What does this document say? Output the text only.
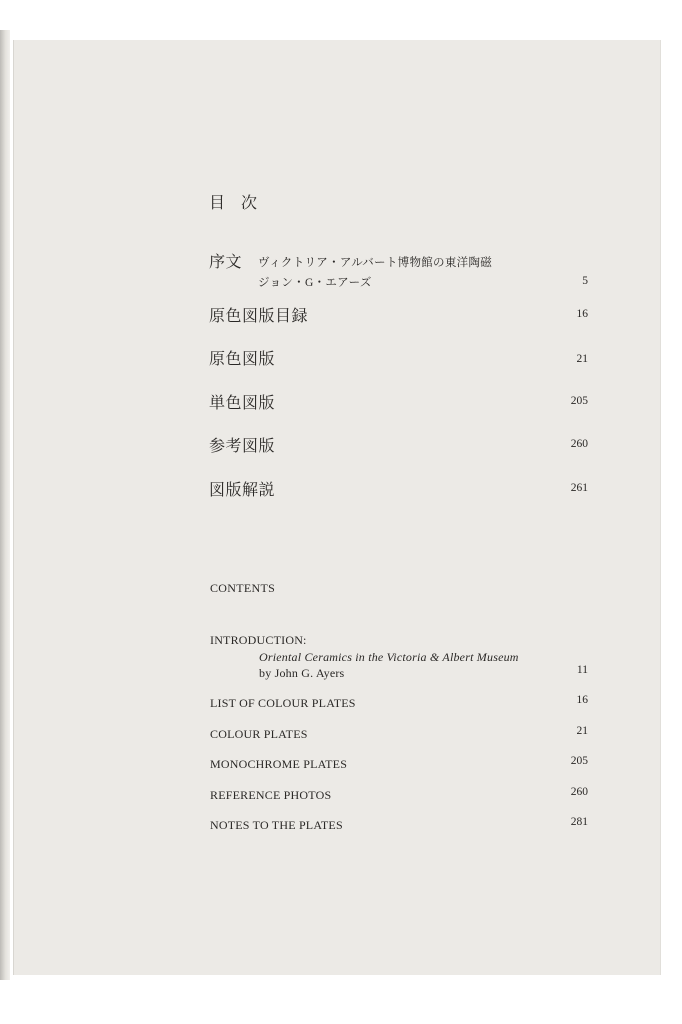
目 次
序文 ヴィクトリア・アルバート博物館の東洋陶磁
ジョン・G・エアーズ	5
原色図版目録	16
原色図版	21
単色図版	205
参考図版	260
図版解説	261
CONTENTS
INTRODUCTION:
Oriental Ceramics in the Victoria & Albert Museum
by John G. Ayers	11
LIST OF COLOUR PLATES	16
COLOUR PLATES	21
MONOCHROME PLATES	205
REFERENCE PHOTOS	260
NOTES TO THE PLATES	281
